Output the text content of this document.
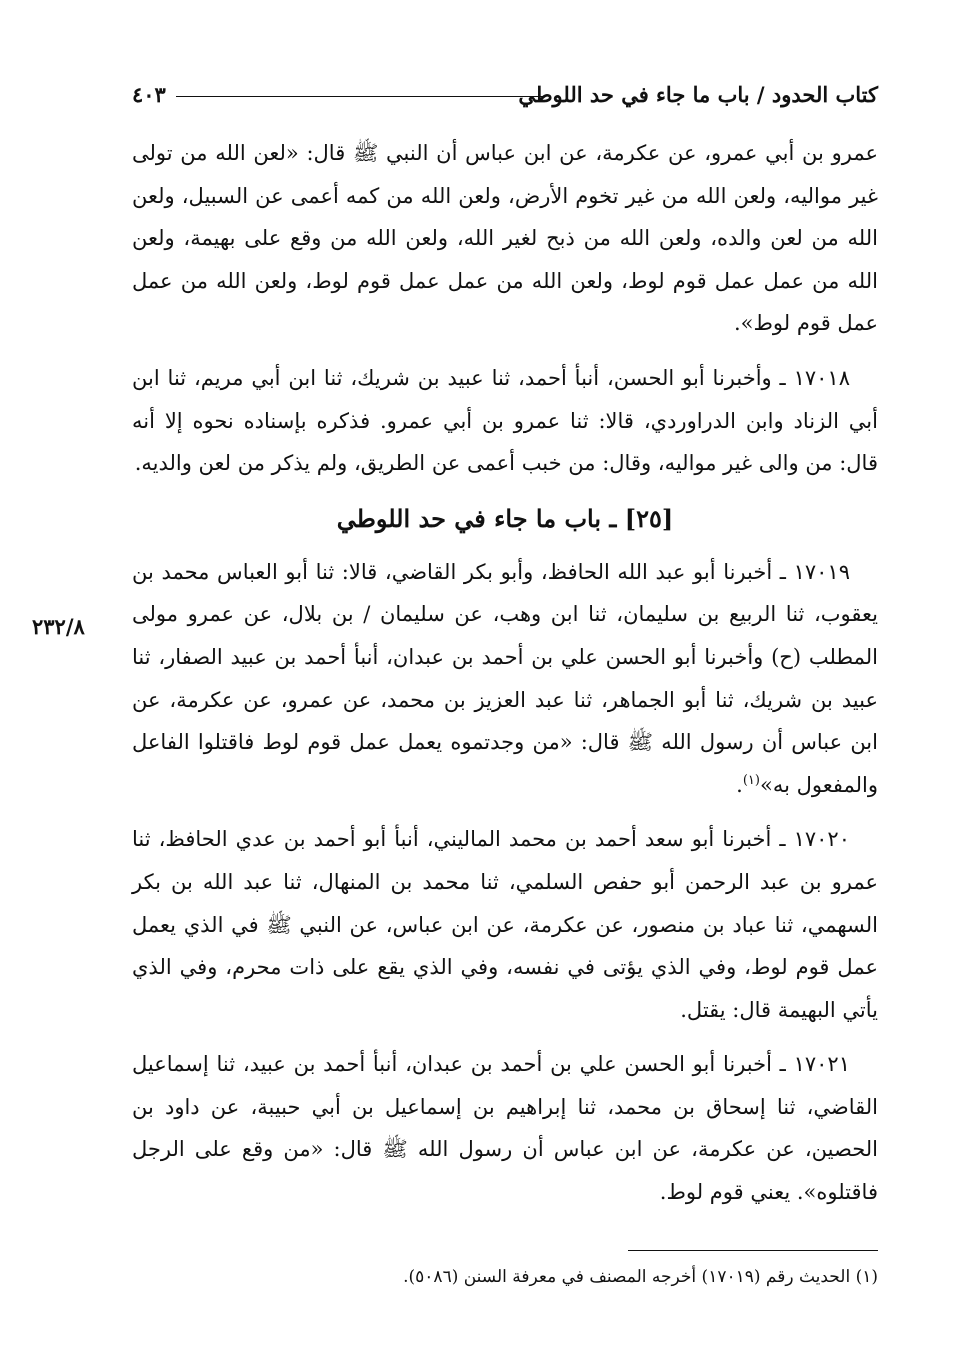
كتاب الحدود / باب ما جاء في حد اللوطي
٤٠٣

عمرو بن أبي عمرو، عن عكرمة، عن ابن عباس أن النبي ﷺ قال: «لعن الله من تولى غير مواليه، ولعن الله من غير تخوم الأرض، ولعن الله من كمه أعمى عن السبيل، ولعن الله من لعن والده، ولعن الله من ذبح لغير الله، ولعن الله من وقع على بهيمة، ولعن الله من عمل عمل قوم لوط، ولعن الله من عمل عمل قوم لوط، ولعن الله من عمل عمل قوم لوط».

١٧٠١٨ ـ وأخبرنا أبو الحسن، أنبأ أحمد، ثنا عبيد بن شريك، ثنا ابن أبي مريم، ثنا ابن أبي الزناد وابن الدراوردي، قالا: ثنا عمرو بن أبي عمرو. فذكره بإسناده نحوه إلا أنه قال: من والى غير مواليه، وقال: من خبب أعمى عن الطريق، ولم يذكر من لعن والديه.

[٢٥] ـ باب ما جاء في حد اللوطي

١٧٠١٩ ـ أخبرنا أبو عبد الله الحافظ، وأبو بكر القاضي، قالا: ثنا أبو العباس محمد بن يعقوب، ثنا الربيع بن سليمان، ثنا ابن وهب، عن سليمان / بن بلال، عن عمرو مولى المطلب (ح) وأخبرنا أبو الحسن علي بن أحمد بن عبدان، أنبأ أحمد بن عبيد الصفار، ثنا عبيد بن شريك، ثنا أبو الجماهر، ثنا عبد العزيز بن محمد، عن عمرو، عن عكرمة، عن ابن عباس أن رسول الله ﷺ قال: «من وجدتموه يعمل عمل قوم لوط فاقتلوا الفاعل والمفعول به»$^{(١)}$.

١٧٠٢٠ ـ أخبرنا أبو سعد أحمد بن محمد الماليني، أنبأ أبو أحمد بن عدي الحافظ، ثنا عمرو بن عبد الرحمن أبو حفص السلمي، ثنا محمد بن المنهال، ثنا عبد الله بن بكر السهمي، ثنا عباد بن منصور، عن عكرمة، عن ابن عباس، عن النبي ﷺ في الذي يعمل عمل قوم لوط، وفي الذي يؤتى في نفسه، وفي الذي يقع على ذات محرم، وفي الذي يأتي البهيمة قال: يقتل.

١٧٠٢١ ـ أخبرنا أبو الحسن علي بن أحمد بن عبدان، أنبأ أحمد بن عبيد، ثنا إسماعيل القاضي، ثنا إسحاق بن محمد، ثنا إبراهيم بن إسماعيل بن أبي حبيبة، عن داود بن الحصين، عن عكرمة، عن ابن عباس أن رسول الله ﷺ قال: «من وقع على الرجل فاقتلوه». يعني قوم لوط.

٢٣٢/٨
(١) الحديث رقم (١٧٠١٩) أخرجه المصنف في معرفة السنن (٥٠٨٦).
